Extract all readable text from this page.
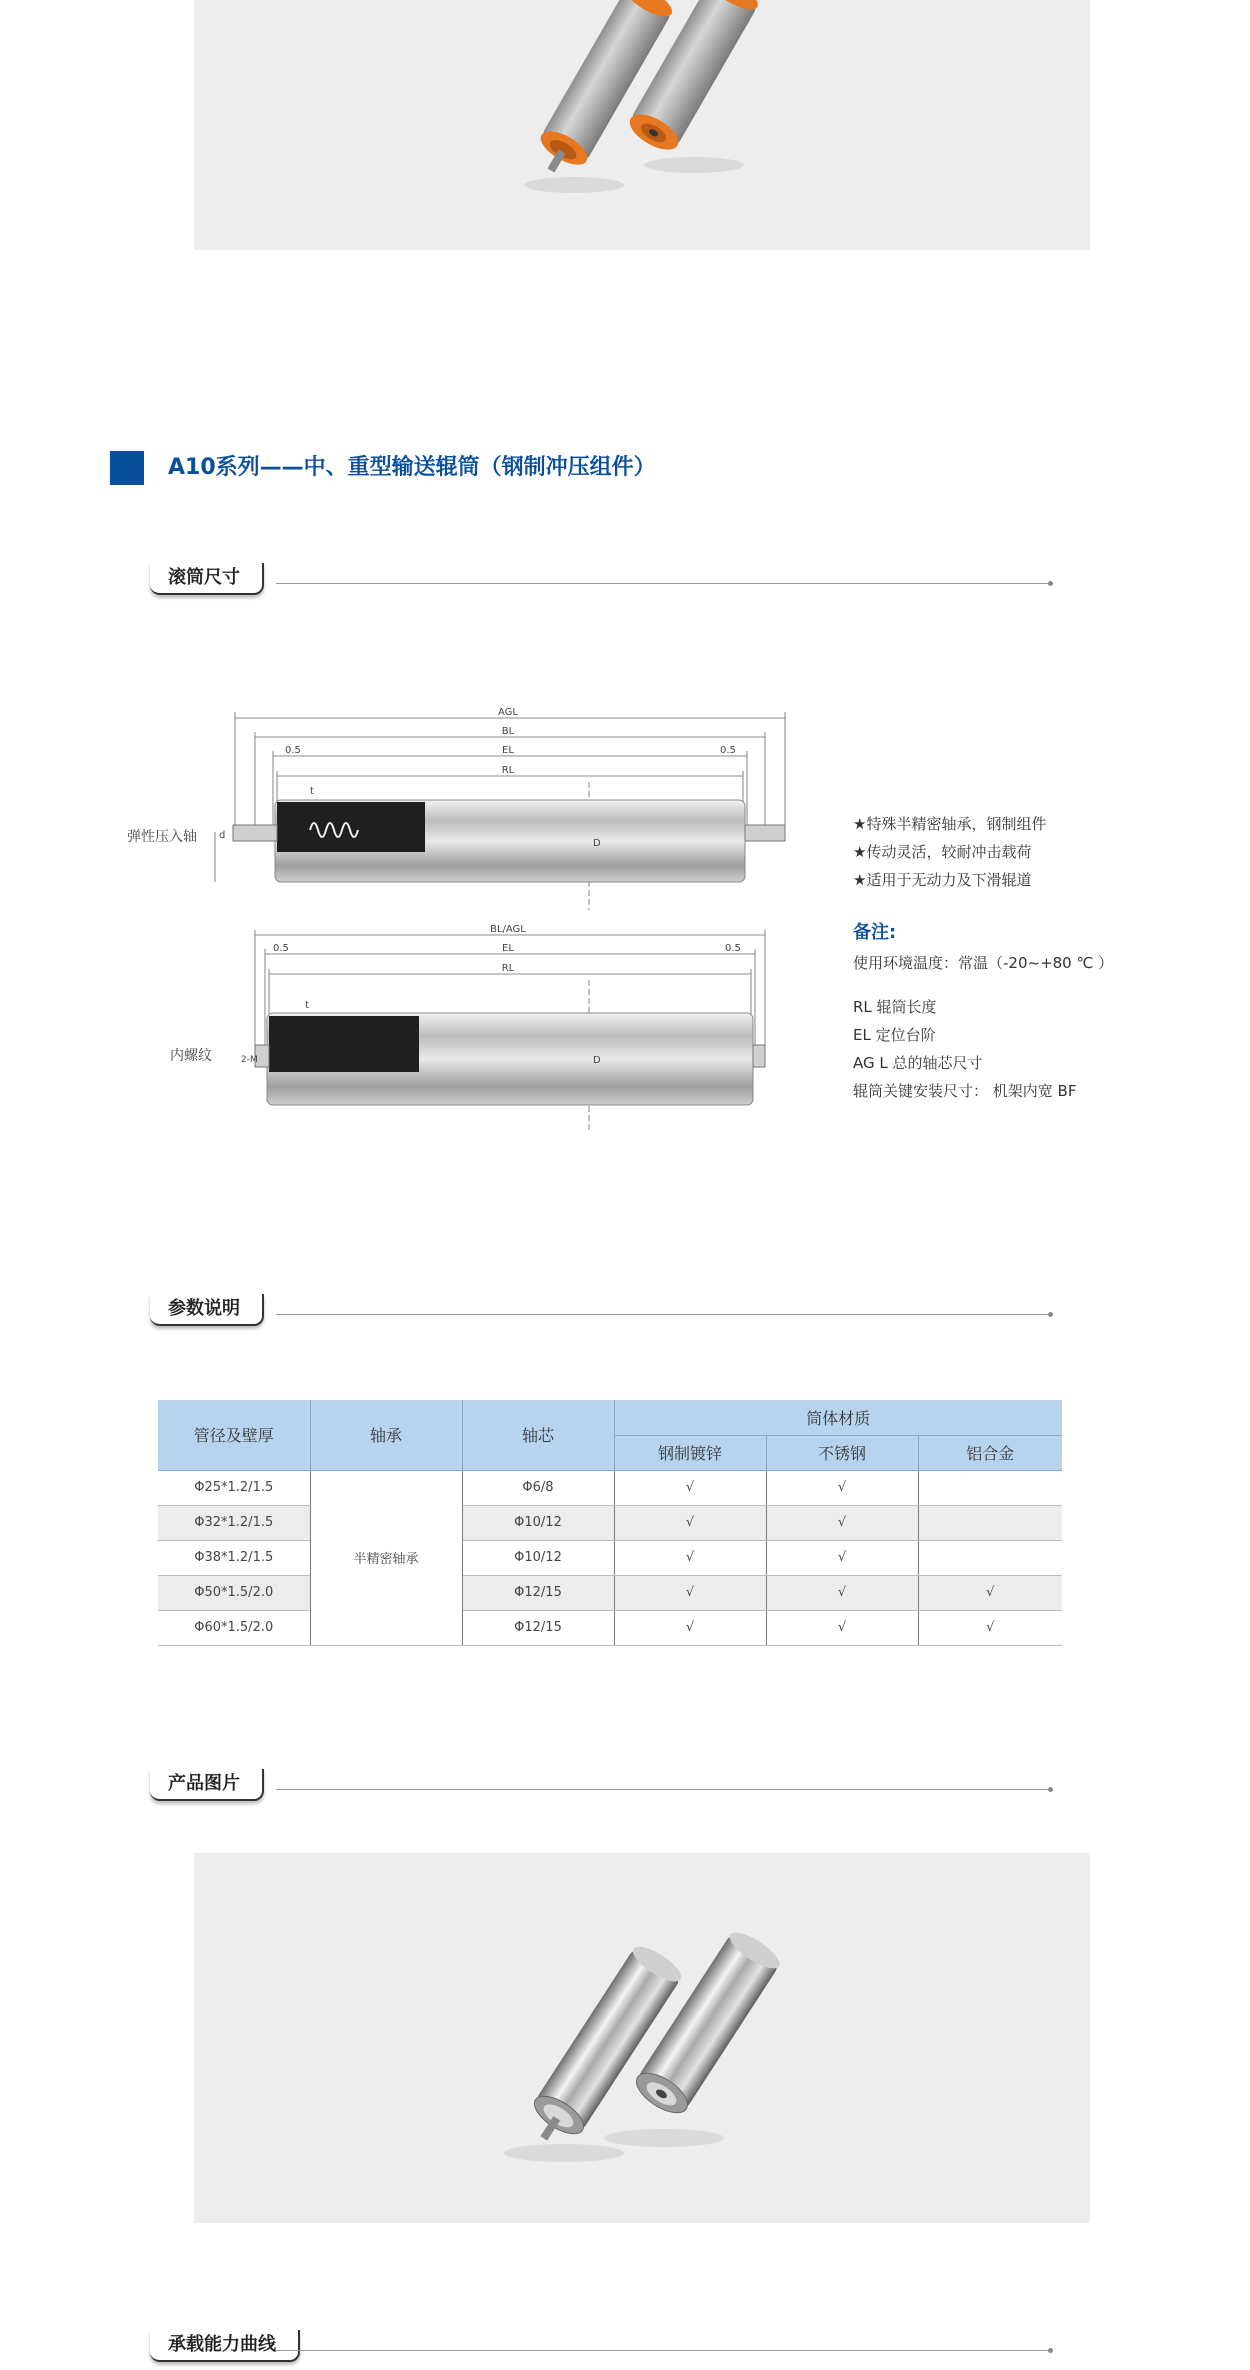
A10系列——中、重型输送辊筒（钢制冲压组件）
滚筒尺寸
AGL
BL
EL
RL
0.5	0.5
D
d
t
弹性压入轴
BL/AGL
EL
RL
0.5	0.5
D
2-M
t
内螺纹
★特殊半精密轴承，钢制组件
★传动灵活，较耐冲击载荷
★适用于无动力及下滑辊道
备注:
使用环境温度：常温（-20~+80 ℃ ）
RL 辊筒长度
EL 定位台阶
AG L 总的轴芯尺寸
辊筒关键安装尺寸： 机架内宽 BF
参数说明
管径及壁厚	轴承	轴芯	筒体材质		
			钢制镀锌	不锈钢	铝合金
Φ25*1.2/1.5	半精密轴承	Φ6/8	√	√	
Φ32*1.2/1.5		Φ10/12	√	√	
Φ38*1.2/1.5		Φ10/12	√	√	
Φ50*1.5/2.0		Φ12/15	√	√	√
Φ60*1.5/2.0		Φ12/15	√	√	√
产品图片
承载能力曲线
